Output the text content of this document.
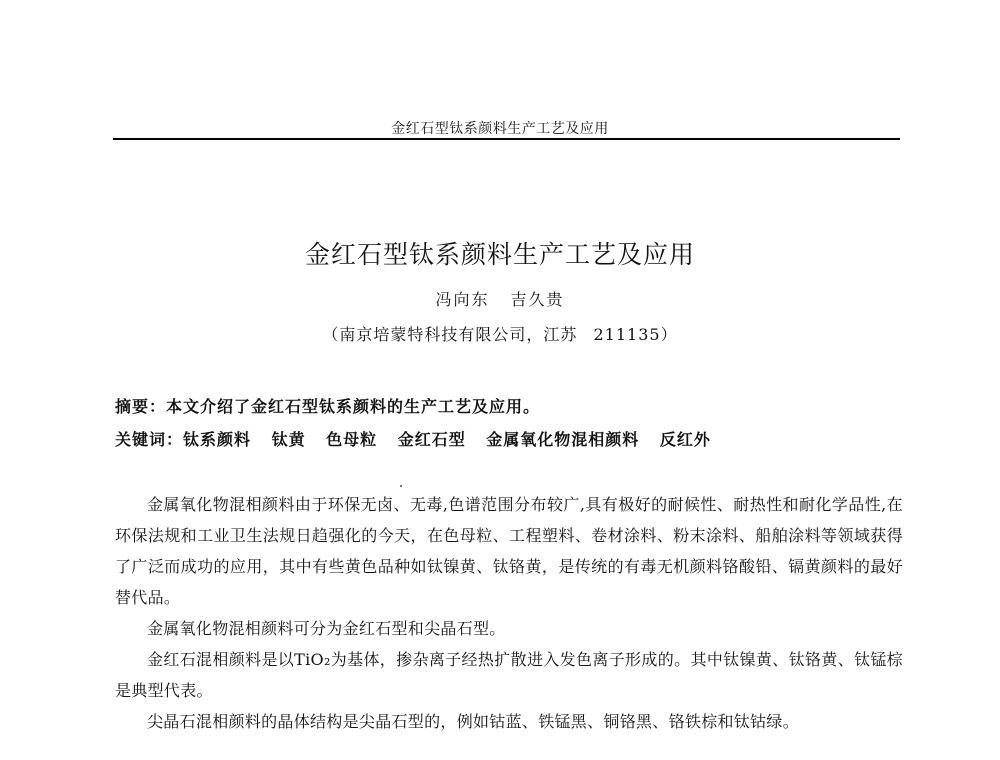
金红石型钛系颜料生产工艺及应用
金红石型钛系颜料生产工艺及应用
冯向东 吉久贵
（南京培蒙特科技有限公司，江苏 211135）
摘要：本文介绍了金红石型钛系颜料的生产工艺及应用。
关键词：钛系颜料 钛黄 色母粒 金红石型 金属氧化物混相颜料 反红外

金属氧化物混相颜料由于环保无卤、无毒,色谱范围分布较广,具有极好的耐候性、耐热性和耐化学品性,在环保法规和工业卫生法规日趋强化的今天，在色母粒、工程塑料、卷材涂料、粉末涂料、船舶涂料等领域获得了广泛而成功的应用，其中有些黄色品种如钛镍黄、钛铬黄，是传统的有毒无机颜料铬酸铅、镉黄颜料的最好替代品。

金属氧化物混相颜料可分为金红石型和尖晶石型。

金红石混相颜料是以TiO₂为基体，掺杂离子经热扩散进入发色离子形成的。其中钛镍黄、钛铬黄、钛锰棕是典型代表。

尖晶石混相颜料的晶体结构是尖晶石型的，例如钴蓝、铁锰黑、铜铬黑、铬铁棕和钛钴绿。
